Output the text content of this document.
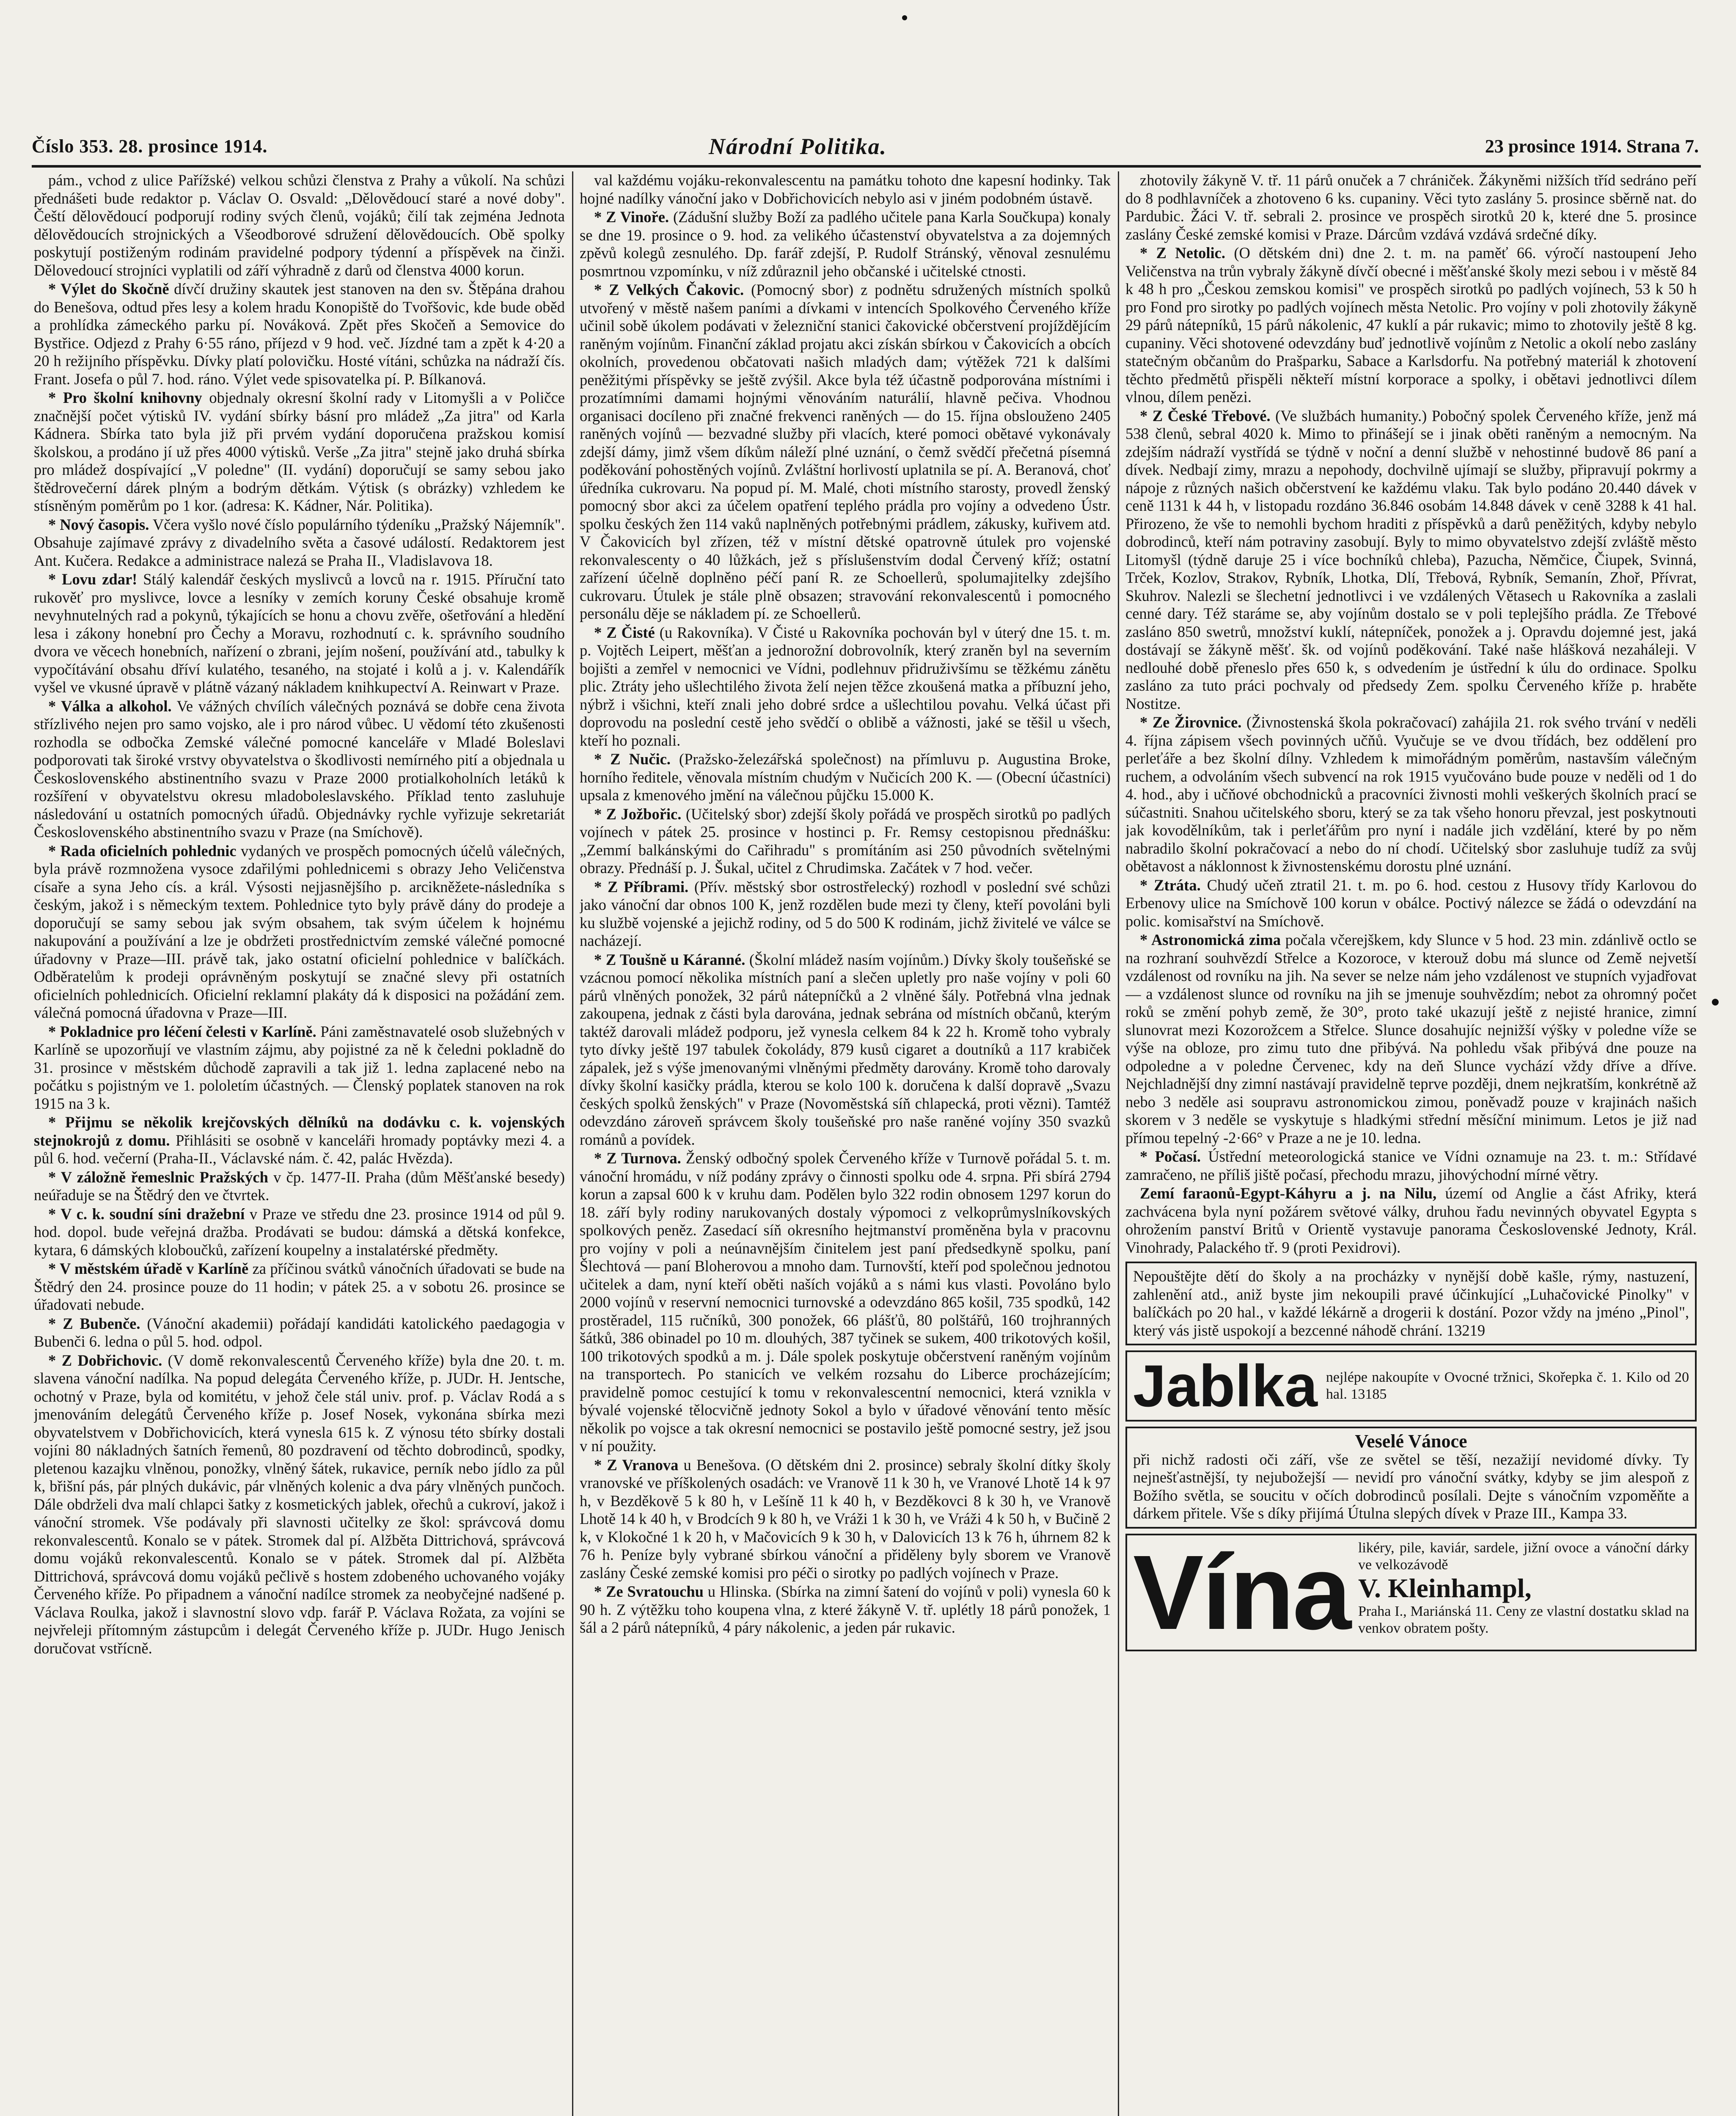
Číslo 353. 28. prosince 1914.	Národní Politika.	23 prosince 1914. Strana 7.

pám., vchod z ulice Pařížské) velkou schůzi členstva z Prahy a vůkolí. Na schůzi přednášeti bude redaktor p. Václav O. Osvald: „Dělovědoucí staré a nové doby". Čeští dělovědoucí podporují rodiny svých členů, vojáků; čilí tak zejména Jednota dělovědoucích strojnických a Všeodborové sdružení dělovědoucích. Obě spolky poskytují postiženým rodinám pravidelné podpory týdenní a příspěvek na činži. Dělovedoucí strojníci vyplatili od září výhradně z darů od členstva 4000 korun.

* Výlet do Skočně dívčí družiny skautek jest stanoven na den sv. Štěpána drahou do Benešova, odtud přes lesy a kolem hradu Konopiště do Tvořšovic, kde bude oběd a prohlídka zámeckého parku pí. Nováková. Zpět přes Skočeň a Semovice do Bystřice. Odjezd z Prahy 6·55 ráno, příjezd v 9 hod. več. Jízdné tam a zpět k 4·20 a 20 h režijního příspěvku. Dívky platí polovičku. Hosté vítáni, schůzka na nádraží čís. Frant. Josefa o půl 7. hod. ráno. Výlet vede spisovatelka pí. P. Bílkanová.

* Pro školní knihovny objednaly okresní školní rady v Litomyšli a v Poličce značnější počet výtisků IV. vydání sbírky básní pro mládež „Za jitra" od Karla Kádnera. Sbírka tato byla již při prvém vydání doporučena pražskou komisí školskou, a prodáno jí už přes 4000 výtisků. Verše „Za jitra" stejně jako druhá sbírka pro mládež dospívající „V poledne" (II. vydání) doporučují se samy sebou jako štědrovečerní dárek plným a bodrým dětkám. Výtisk (s obrázky) vzhledem ke stísněným poměrům po 1 kor. (adresa: K. Kádner, Nár. Politika).

* Nový časopis. Včera vyšlo nové číslo populárního týdeníku „Pražský Nájemník". Obsahuje zajímavé zprávy z divadelního světa a časové událostí. Redaktorem jest Ant. Kučera. Redakce a administrace nalezá se Praha II., Vladislavova 18.

* Lovu zdar! Stálý kalendář českých myslivců a lovců na r. 1915. Příruční tato rukověť pro myslivce, lovce a lesníky v zemích koruny České obsahuje kromě nevyhnutelných rad a pokynů, týkajících se honu a chovu zvěře, ošetřování a hledění lesa i zákony honební pro Čechy a Moravu, rozhodnutí c. k. správního soudního dvora ve věcech honebních, nařízení o zbrani, jejím nošení, používání atd., tabulky k vypočítávání obsahu dříví kulatého, tesaného, na stojaté i kolů a j. v. Kalendářík vyšel ve vkusné úpravě v plátně vázaný nákladem knihkupectví A. Reinwart v Praze.

* Válka a alkohol. Ve vážných chvílích válečných poznává se dobře cena života střízlivého nejen pro samo vojsko, ale i pro národ vůbec. U vědomí této zkušenosti rozhodla se odbočka Zemské válečné pomocné kanceláře v Mladé Boleslavi podporovati tak široké vrstvy obyvatelstva o škodlivosti nemírného pití a objednala u Československého abstinentního svazu v Praze 2000 protialkoholních letáků k rozšíření v obyvatelstvu okresu mladoboleslavského. Příklad tento zasluhuje následování u ostatních pomocných úřadů. Objednávky rychle vyřizuje sekretariát Československého abstinentního svazu v Praze (na Smíchově).

* Rada oficielních pohlednic vydaných ve prospěch pomocných účelů válečných, byla právě rozmnožena vysoce zdařilými pohlednicemi s obrazy Jeho Veličenstva císaře a syna Jeho cís. a král. Výsosti nejjasnějšího p. arcikněžete-následníka s českým, jakož i s německým textem. Pohlednice tyto byly právě dány do prodeje a doporučují se samy sebou jak svým obsahem, tak svým účelem k hojnému nakupování a používání a lze je obdržeti prostřednictvím zemské válečné pomocné úřadovny v Praze—III. právě tak, jako ostatní oficielní pohlednice v balíčkách. Odběratelům k prodeji oprávněným poskytují se značné slevy při ostatních oficielních pohlednicích. Oficielní reklamní plakáty dá k disposici na požádání zem. válečná pomocná úřadovna v Praze—III.

* Pokladnice pro léčení čelesti v Karlíně. Páni zaměstnavatelé osob služebných v Karlíně se upozorňují ve vlastním zájmu, aby pojistné za ně k čeledni pokladně do 31. prosince v městském důchodě zapravili a tak již 1. ledna zaplacené nebo na počátku s pojistným ve 1. pololetím účastných. — Členský poplatek stanoven na rok 1915 na 3 k.

* Přijmu se několik krejčovských dělníků na dodávku c. k. vojenských stejnokrojů z domu. Přihlásiti se osobně v kanceláři hromady poptávky mezi 4. a půl 6. hod. večerní (Praha-II., Václavské nám. č. 42, palác Hvězda).

* V záložně řemeslnic Pražských v čp. 1477-II. Praha (dům Měšťanské besedy) neúřaduje se na Štědrý den ve čtvrtek.

* V c. k. soudní síni dražební v Praze ve středu dne 23. prosince 1914 od půl 9. hod. dopol. bude veřejná dražba. Prodávati se budou: dámská a dětská konfekce, kytara, 6 dámských kloboučků, zařízení koupelny a instalatérské předměty.

* V městském úřadě v Karlíně za příčinou svátků vánočních úřadovati se bude na Štědrý den 24. prosince pouze do 11 hodin; v pátek 25. a v sobotu 26. prosince se úřadovati nebude.

* Z Bubenče. (Vánoční akademii) pořádají kandidáti katolického paedagogia v Bubenči 6. ledna o půl 5. hod. odpol.

* Z Dobřichovic. (V domě rekonvalescentů Červeného kříže) byla dne 20. t. m. slavena vánoční nadílka. Na popud delegáta Červeného kříže, p. JUDr. H. Jentsche, ochotný v Praze, byla od komitétu, v jehož čele stál univ. prof. p. Václav Rodá a s jmenováním delegátů Červeného kříže p. Josef Nosek, vykonána sbírka mezi obyvatelstvem v Dobřichovicích, která vynesla 615 k. Z výnosu této sbírky dostali vojíni 80 nákladných šatních řemenů, 80 pozdravení od těchto dobrodinců, spodky, pletenou kazajku vlněnou, ponožky, vlněný šátek, rukavice, perník nebo jídlo za půl k, břišní pás, pár plných dukávic, pár vlněných kolenic a dva páry vlněných punčoch. Dále obdrželi dva malí chlapci šatky z kosmetických jablek, ořechů a cukroví, jakož i vánoční stromek. Vše podávaly při slavnosti učitelky ze škol: správcová domu rekonvalescentů. Konalo se v pátek. Stromek dal pí. Alžběta Dittrichová, správcová domu vojáků rekonvalescentů. Konalo se v pátek. Stromek dal pí. Alžběta Dittrichová, správcová domu vojáků pečlivě s hostem zdobeného uchovaného vojáky Červeného kříže. Po připadnem a vánoční nadílce stromek za neobyčejné nadšené p. Václava Roulka, jakož i slavnostní slovo vdp. farář P. Václava Rožata, za vojíni se nejvřeleji přítomným zástupcům i delegát Červeného kříže p. JUDr. Hugo Jenisch doručovat vstřícně.

val každému vojáku-rekonvalescentu na památku tohoto dne kapesní hodinky. Tak hojné nadílky vánoční jako v Dobřichovicích nebylo asi v jiném podobném ústavě.

* Z Vinoře. (Zádušní služby Boží za padlého učitele pana Karla Součkupa) konaly se dne 19. prosince o 9. hod. za velikého účastenství obyvatelstva a za dojemných zpěvů kolegů zesnulého. Dp. farář zdejší, P. Rudolf Stránský, věnoval zesnulému posmrtnou vzpomínku, v níž zdůraznil jeho občanské i učitelské ctnosti.

* Z Velkých Čakovic. (Pomocný sbor) z podnětu sdružených místních spolků utvořený v městě našem paními a dívkami v intencích Spolkového Červeného kříže učinil sobě úkolem podávati v železniční stanici čakovické občerstvení projíždějícím raněným vojínům. Finanční základ projatu akci získán sbírkou v Čakovicích a obcích okolních, provedenou občatovati našich mladých dam; výtěžek 721 k dalšími peněžitými příspěvky se ještě zvýšil. Akce byla též účastně podporována místními i prozatímními damami hojnými věnováním naturálií, hlavně pečiva. Vhodnou organisaci docíleno při značné frekvenci raněných — do 15. října obslouženo 2405 raněných vojínů — bezvadné služby při vlacích, které pomoci obětavé vykonávaly zdejší dámy, jimž všem díkům náleží plné uznání, o čemž svědčí přečetná písemná poděkování pohostěných vojínů. Zvláštní horlivostí uplatnila se pí. A. Beranová, choť úředníka cukrovaru. Na popud pí. M. Malé, choti místního starosty, provedl ženský pomocný sbor akci za účelem opatření teplého prádla pro vojíny a odvedeno Ústr. spolku českých žen 114 vaků naplněných potřebnými prádlem, zákusky, kuřivem atd. V Čakovicích byl zřízen, též v místní dětské opatrovně útulek pro vojenské rekonvalescenty o 40 lůžkách, jež s příslušenstvím dodal Červený kříž; ostatní zařízení účelně doplněno péčí paní R. ze Schoellerů, spolumajitelky zdejšího cukrovaru. Útulek je stále plně obsazen; stravování rekonvalescentů i pomocného personálu děje se nákladem pí. ze Schoellerů.

* Z Čisté (u Rakovníka). V Čisté u Rakovníka pochován byl v úterý dne 15. t. m. p. Vojtěch Leipert, měšťan a jednorožní dobrovolník, který zraněn byl na severním bojišti a zemřel v nemocnici ve Vídni, podlehnuv přidruživšímu se těžkému zánětu plic. Ztráty jeho ušlechtilého života želí nejen těžce zkoušená matka a příbuzní jeho, nýbrž i všichni, kteří znali jeho dobré srdce a ušlechtilou povahu. Velká účast při doprovodu na poslední cestě jeho svědčí o oblibě a vážnosti, jaké se těšil u všech, kteří ho poznali.

* Z Nučic. (Pražsko-železářská společnost) na přímluvu p. Augustina Broke, horního ředitele, věnovala místním chudým v Nučicích 200 K. — (Obecní účastníci) upsala z kmenového jmění na válečnou půjčku 15.000 K.

* Z Jožbořic. (Učitelský sbor) zdejší školy pořádá ve prospěch sirotků po padlých vojínech v pátek 25. prosince v hostinci p. Fr. Remsy cestopisnou přednášku: „Zemmí balkánskými do Cařihradu" s promítáním asi 250 původních světelnými obrazy. Přednáší p. J. Šukal, učitel z Chrudimska. Začátek v 7 hod. večer.

* Z Příbrami. (Přív. městský sbor ostrostřelecký) rozhodl v poslední své schůzi jako vánoční dar obnos 100 K, jenž rozdělen bude mezi ty členy, kteří povoláni byli ku službě vojenské a jejichž rodiny, od 5 do 500 K rodinám, jichž živitelé ve válce se nacházejí.

* Z Toušně u Káranné. (Školní mládež nasím vojínům.) Dívky školy toušeňské se vzácnou pomocí několika místních paní a slečen upletly pro naše vojíny v poli 60 párů vlněných ponožek, 32 párů nátepníčků a 2 vlněné šály. Potřebná vlna jednak zakoupena, jednak z části byla darována, jednak sebrána od místních občanů, kterým taktéž darovali mládež podporu, jež vynesla celkem 84 k 22 h. Kromě toho vybraly tyto dívky ještě 197 tabulek čokolády, 879 kusů cigaret a doutníků a 117 krabiček zápalek, jež s výše jmenovanými vlněnými předměty darovány. Kromě toho darovaly dívky školní kasičky prádla, kterou se kolo 100 k. doručena k další dopravě „Svazu českých spolků ženských" v Praze (Novoměstská síň chlapecká, proti vězni). Tamtéž odevzdáno zároveň správcem školy toušeňské pro naše raněné vojíny 350 svazků románů a povídek.

* Z Turnova. Ženský odbočný spolek Červeného kříže v Turnově pořádal 5. t. m. vánoční hromádu, v níž podány zprávy o činnosti spolku ode 4. srpna. Při sbírá 2794 korun a zapsal 600 k v kruhu dam. Podělen bylo 322 rodin obnosem 1297 korun do 18. září byly rodiny narukovaných dostaly výpomoci z velkoprůmyslníkovských spolkových peněz. Zasedací síň okresního hejtmanství proměněna byla v pracovnu pro vojíny v poli a neúnavnějším činitelem jest paní předsedkyně spolku, paní Šlechtová — paní Bloherovou a mnoho dam. Turnovští, kteří pod společnou jednotou učitelek a dam, nyní kteří oběti naších vojáků a s námi kus vlasti. Povoláno bylo 2000 vojínů v reservní nemocnici turnovské a odevzdáno 865 košil, 735 spodků, 142 prostěradel, 115 ručníků, 300 ponožek, 66 plášťů, 80 polštářů, 160 trojhranných šátků, 386 obinadel po 10 m. dlouhých, 387 tyčinek se sukem, 400 trikotových košil, 100 trikotových spodků a m. j. Dále spolek poskytuje občerstvení raněným vojínům na transportech. Po stanicích ve velkém rozsahu do Liberce procházejícím; pravidelně pomoc cestující k tomu v rekonvalescentní nemocnici, která vznikla v bývalé vojenské tělocvičně jednoty Sokol a bylo v úřadové věnování tento měsíc několik po vojsce a tak okresní nemocnici se postavilo ještě pomocné sestry, jež jsou v ní použity.

* Z Vranova u Benešova. (O dětském dni 2. prosince) sebraly školní dítky školy vranovské ve příškolených osadách: ve Vranově 11 k 30 h, ve Vranové Lhotě 14 k 97 h, v Bezděkově 5 k 80 h, v Lešíně 11 k 40 h, v Bezděkovci 8 k 30 h, ve Vranově Lhotě 14 k 40 h, v Brodcích 9 k 80 h, ve Vráži 1 k 30 h, ve Vráži 4 k 50 h, v Bučině 2 k, v Klokočné 1 k 20 h, v Mačovicích 9 k 30 h, v Dalovicích 13 k 76 h, úhrnem 82 k 76 h. Peníze byly vybrané sbírkou vánoční a přiděleny byly sborem ve Vranově zaslány České zemské komisi pro péči o sirotky po padlých vojínech v Praze.

* Ze Svratouchu u Hlinska. (Sbírka na zimní šatení do vojínů v poli) vynesla 60 k 90 h. Z výtěžku toho koupena vlna, z které žákyně V. tř. uplétly 18 párů ponožek, 1 šál a 2 párů nátepníků, 4 páry nákolenic, a jeden pár rukavic.

zhotovily žákyně V. tř. 11 párů onuček a 7 chrániček. Žákyněmi nižších tříd sedráno peří do 8 podhlavníček a zhotoveno 6 ks. cupaniny. Věci tyto zaslány 5. prosince sběrně nat. do Pardubic. Žáci V. tř. sebrali 2. prosince ve prospěch sirotků 20 k, které dne 5. prosince zaslány České zemské komisi v Praze. Dárcům vzdává vzdává srdečné díky.

* Z Netolic. (O dětském dni) dne 2. t. m. na paměť 66. výročí nastoupení Jeho Veličenstva na trůn vybraly žákyně dívčí obecné i měšťanské školy mezi sebou i v městě 84 k 48 h pro „Českou zemskou komisi" ve prospěch sirotků po padlých vojínech, 53 k 50 h pro Fond pro sirotky po padlých vojínech města Netolic. Pro vojíny v poli zhotovily žákyně 29 párů nátepníků, 15 párů nákolenic, 47 kuklí a pár rukavic; mimo to zhotovily ještě 8 kg. cupaniny. Věci shotovené odevzdány buď jednotlivě vojínům z Netolic a okolí nebo zaslány statečným občanům do Prašparku, Sabace a Karlsdorfu. Na potřebný materiál k zhotovení těchto předmětů přispěli někteří místní korporace a spolky, i obětavi jednotlivci dílem vlnou, dílem penězi.

* Z České Třebové. (Ve službách humanity.) Pobočný spolek Červeného kříže, jenž má 538 členů, sebral 4020 k. Mimo to přinášejí se i jinak oběti raněným a nemocným. Na zdejším nádraží vystřídá se týdně v noční a denní službě v nehostinné budově 86 paní a dívek. Nedbají zimy, mrazu a nepohody, dochvilně ujímají se služby, připravují pokrmy a nápoje z různých našich občerstvení ke každému vlaku. Tak bylo podáno 20.440 dávek v ceně 1131 k 44 h, v listopadu rozdáno 36.846 osobám 14.848 dávek v ceně 3288 k 41 hal. Přirozeno, že vše to nemohli bychom hraditi z příspěvků a darů peněžitých, kdyby nebylo dobrodinců, kteří nám potraviny zasobují. Byly to mimo obyvatelstvo zdejší zvláště město Litomyšl (týdně daruje 25 i více bochníků chleba), Pazucha, Němčice, Čiupek, Svinná, Trček, Kozlov, Strakov, Rybník, Lhotka, Dlí, Třebová, Rybník, Semanín, Zhoř, Přívrat, Skuhrov. Nalezli se šlechetní jednotlivci i ve vzdálených Větasech u Rakovníka a zaslali cenné dary. Též staráme se, aby vojínům dostalo se v poli teplejšího prádla. Ze Třebové zasláno 850 swetrů, množství kuklí, nátepníček, ponožek a j. Opravdu dojemné jest, jaká dostávají se žákyně měšť. šk. od vojínů poděkování. Také naše hlášková nezaháleji. V nedlouhé době přeneslo přes 650 k, s odvedením je ústřední k úlu do ordinace. Spolku zasláno za tuto práci pochvaly od předsedy Zem. spolku Červeného kříže p. hraběte Nostitze.

* Ze Žirovnice. (Živnostenská škola pokračovací) zahájila 21. rok svého trvání v neděli 4. října zápisem všech povinných učňů. Vyučuje se ve dvou třídách, bez oddělení pro perleťáře a bez školní dílny. Vzhledem k mimořádným poměrům, nastavším válečným ruchem, a odvoláním všech subvencí na rok 1915 vyučováno bude pouze v neděli od 1 do 4. hod., aby i učňové obchodnicků a pracovníci živnosti mohli veškerých školních prací se súčastniti. Snahou učitelského sboru, který se za tak všeho honoru převzal, jest poskytnouti jak kovodělníkům, tak i perleťářům pro nyní i nadále jich vzdělání, které by po něm nabradilo školní pokračovací a nebo do ní chodí. Učitelský sbor zasluhuje tudíž za svůj obětavost a náklonnost k živnostenskému dorostu plné uznání.

* Ztráta. Chudý učeň ztratil 21. t. m. po 6. hod. cestou z Husovy třídy Karlovou do Erbenovy ulice na Smíchově 100 korun v obálce. Poctivý nálezce se žádá o odevzdání na polic. komisařství na Smíchově.

* Astronomická zima počala včerejškem, kdy Slunce v 5 hod. 23 min. zdánlivě octlo se na rozhraní souhvězdí Střelce a Kozoroce, v kterouž dobu má slunce od Země nejvetší vzdálenost od rovníku na jih. Na sever se nelze nám jeho vzdálenost ve stupních vyjadřovat — a vzdálenost slunce od rovníku na jih se jmenuje souhvězdím; nebot za ohromný počet roků se změní pohyb země, že 30°, proto také ukazují ještě z nejisté hranice, zimní slunovrat mezi Kozorožcem a Střelce. Slunce dosahujíc nejnižší výšky v poledne víže se výše na obloze, pro zimu tuto dne přibývá. Na pohledu však přibývá dne pouze na odpoledne a v poledne Červenec, kdy na deň Slunce vychází vždy dříve a dříve. Nejchladnější dny zimní nastávají pravidelně teprve později, dnem nejkratším, konkrétně až nebo 3 neděle asi soupravu astronomickou zimou, poněvadž pouze v krajinách našich skorem v 3 neděle se vyskytuje s hladkými střední měsíční minimum. Letos je již nad přímou tepelný -2·66° v Praze a ne je 10. ledna.

* Počasí. Ústřední meteorologická stanice ve Vídni oznamuje na 23. t. m.: Střídavé zamračeno, ne příliš jiště počasí, přechodu mrazu, jihovýchodní mírné větry.

Zemí faraonů-Egypt-Káhyru a j. na Nilu, území od Anglie a část Afriky, která zachvácena byla nyní požárem světové války, druhou řadu nevinných obyvatel Egypta s ohrožením panství Britů v Orientě vystavuje panorama Československé Jednoty, Král. Vinohrady, Palackého tř. 9 (proti Pexidrovi).

Nepouštějte dětí do školy a na procházky v nynější době kašle, rýmy, nastuzení, zahlenění atd., aniž byste jim nekoupili pravé účinkující „Luhačovické Pinolky" v balíčkách po 20 hal., v každé lékárně a drogerii k dostání. Pozor vždy na jméno „Pinol", který vás jistě uspokojí a bezcenné náhodě chrání. 13219
Jablka nejlépe nakoupíte v Ovocné tržnici, Skořepka č. 1. Kilo od 20 hal. 13185
Veselé Vánoce
při nichž radosti oči září, vše ze světel se těší, nezažijí nevidomé dívky. Ty nejnešťastnější, ty nejubožejší — nevidí pro vánoční svátky, kdyby se jim alespoň z Božího světla, se soucitu v očích dobrodinců posílali. Dejte s vánočním vzpoměňte a dárkem přitele. Vše s díky přijímá Útulna slepých dívek v Praze III., Kampa 33.
Vína likéry, pile, kaviár, sardele, jižní ovoce a vánoční dárky ve velkozávodě
V. Kleinhampl,
Praha I., Mariánská 11. Ceny ze vlastní dostatku sklad na venkov obratem pošty.
